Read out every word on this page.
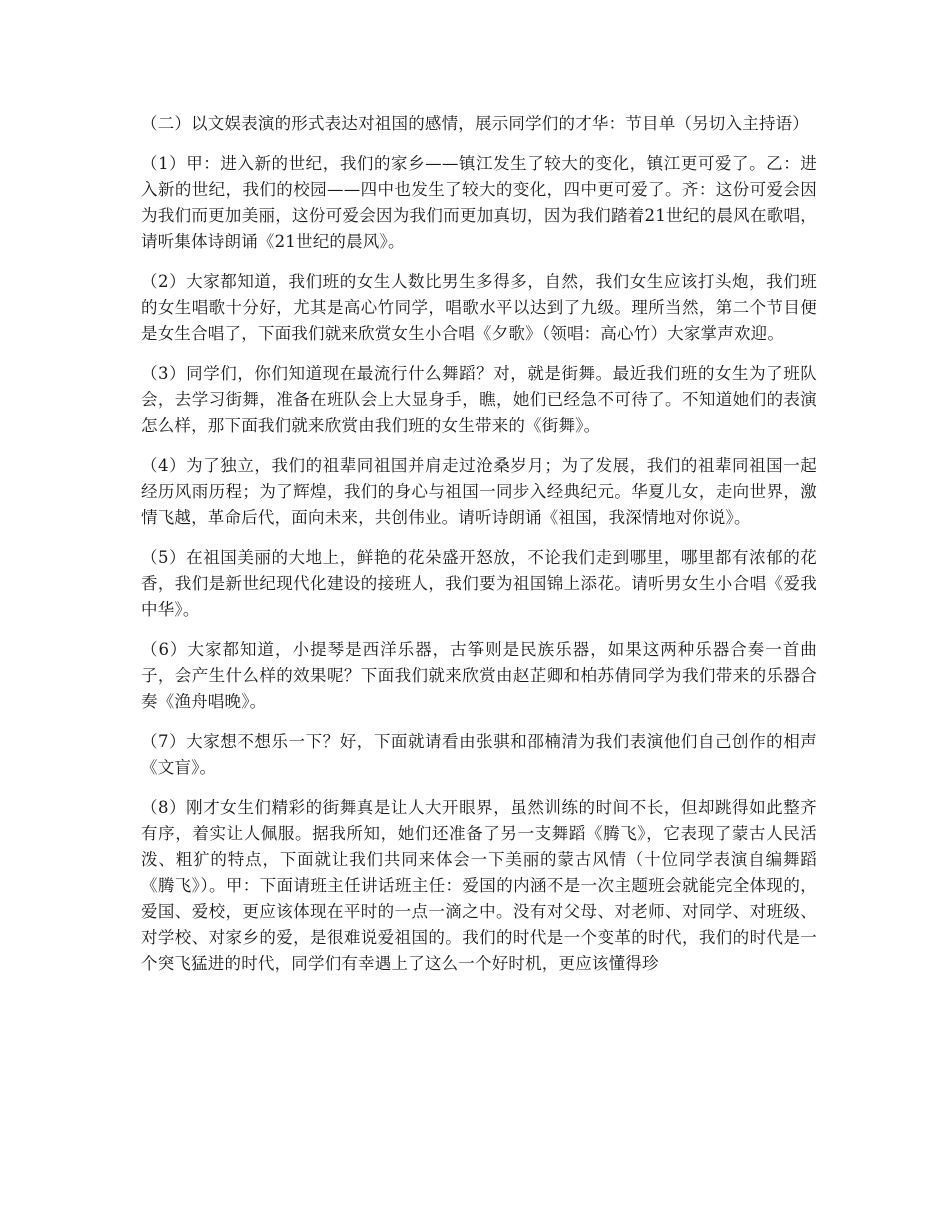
（二）以文娱表演的形式表达对祖国的感情，展示同学们的才华：节目单（另切入主持语）

（1）甲：进入新的世纪，我们的家乡——镇江发生了较大的变化，镇江更可爱了。乙：进入新的世纪，我们的校园——四中也发生了较大的变化，四中更可爱了。齐：这份可爱会因为我们而更加美丽，这份可爱会因为我们而更加真切，因为我们踏着21世纪的晨风在歌唱，请听集体诗朗诵《21世纪的晨风》。

（2）大家都知道，我们班的女生人数比男生多得多，自然，我们女生应该打头炮，我们班的女生唱歌十分好，尤其是高心竹同学，唱歌水平以达到了九级。理所当然，第二个节目便是女生合唱了，下面我们就来欣赏女生小合唱《夕歌》（领唱：高心竹）大家掌声欢迎。

（3）同学们，你们知道现在最流行什么舞蹈？对，就是街舞。最近我们班的女生为了班队会，去学习街舞，准备在班队会上大显身手，瞧，她们已经急不可待了。不知道她们的表演怎么样，那下面我们就来欣赏由我们班的女生带来的《街舞》。

（4）为了独立，我们的祖辈同祖国并肩走过沧桑岁月；为了发展，我们的祖辈同祖国一起经历风雨历程；为了辉煌，我们的身心与祖国一同步入经典纪元。华夏儿女，走向世界，激情飞越，革命后代，面向未来，共创伟业。请听诗朗诵《祖国，我深情地对你说》。

（5）在祖国美丽的大地上，鲜艳的花朵盛开怒放，不论我们走到哪里，哪里都有浓郁的花香，我们是新世纪现代化建设的接班人，我们要为祖国锦上添花。请听男女生小合唱《爱我中华》。

（6）大家都知道，小提琴是西洋乐器，古筝则是民族乐器，如果这两种乐器合奏一首曲子，会产生什么样的效果呢？下面我们就来欣赏由赵芷卿和柏苏倩同学为我们带来的乐器合奏《渔舟唱晚》。

（7）大家想不想乐一下？好，下面就请看由张骐和邵楠清为我们表演他们自己创作的相声《文盲》。

（8）刚才女生们精彩的街舞真是让人大开眼界，虽然训练的时间不长，但却跳得如此整齐有序，着实让人佩服。据我所知，她们还准备了另一支舞蹈《腾飞》，它表现了蒙古人民活泼、粗犷的特点，下面就让我们共同来体会一下美丽的蒙古风情（十位同学表演自编舞蹈《腾飞》）。甲：下面请班主任讲话班主任：爱国的内涵不是一次主题班会就能完全体现的，爱国、爱校，更应该体现在平时的一点一滴之中。没有对父母、对老师、对同学、对班级、对学校、对家乡的爱，是很难说爱祖国的。我们的时代是一个变革的时代，我们的时代是一个突飞猛进的时代，同学们有幸遇上了这么一个好时机，更应该懂得珍
